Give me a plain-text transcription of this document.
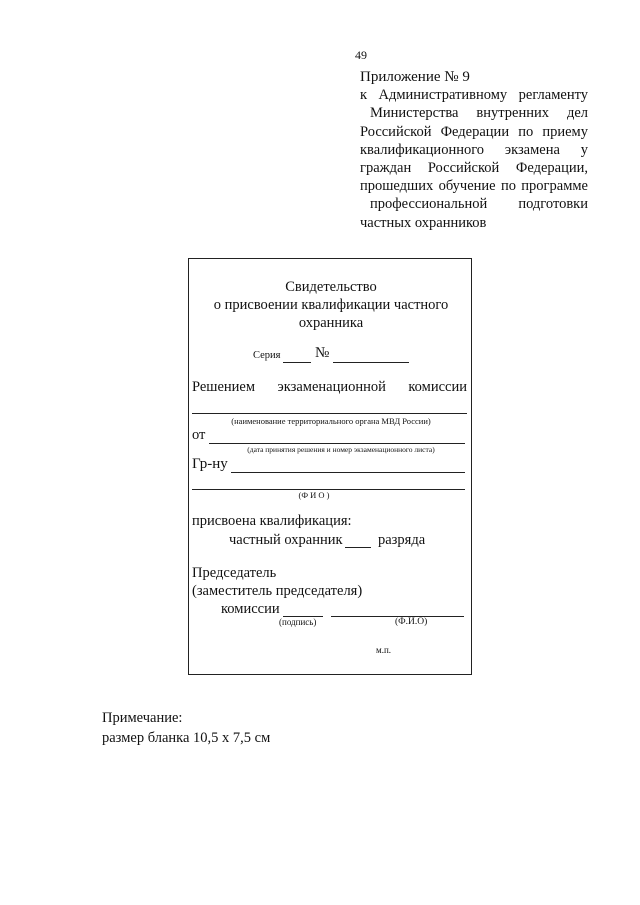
49
Приложение № 9
к Административному регламенту
Министерства внутренних дел
Российской Федерации по приему
квалификационного экзамена у
граждан Российской Федерации,
прошедших обучение по программе
профессиональной подготовки
частных охранников
Свидетельство
о присвоении квалификации частного
охранника
Серия №
Решением экзаменационной комиссии
(наименование территориального органа МВД России)
от
(дата принятия решения и номер экзаменационного листа)
Гр-ну
(Ф И О )
присвоена квалификация:
частный охранник разряда
Председатель
(заместитель председателя)
комиссии
(подпись)	(Ф.И.О)
м.п.
Примечание:
размер бланка 10,5 х 7,5 см
